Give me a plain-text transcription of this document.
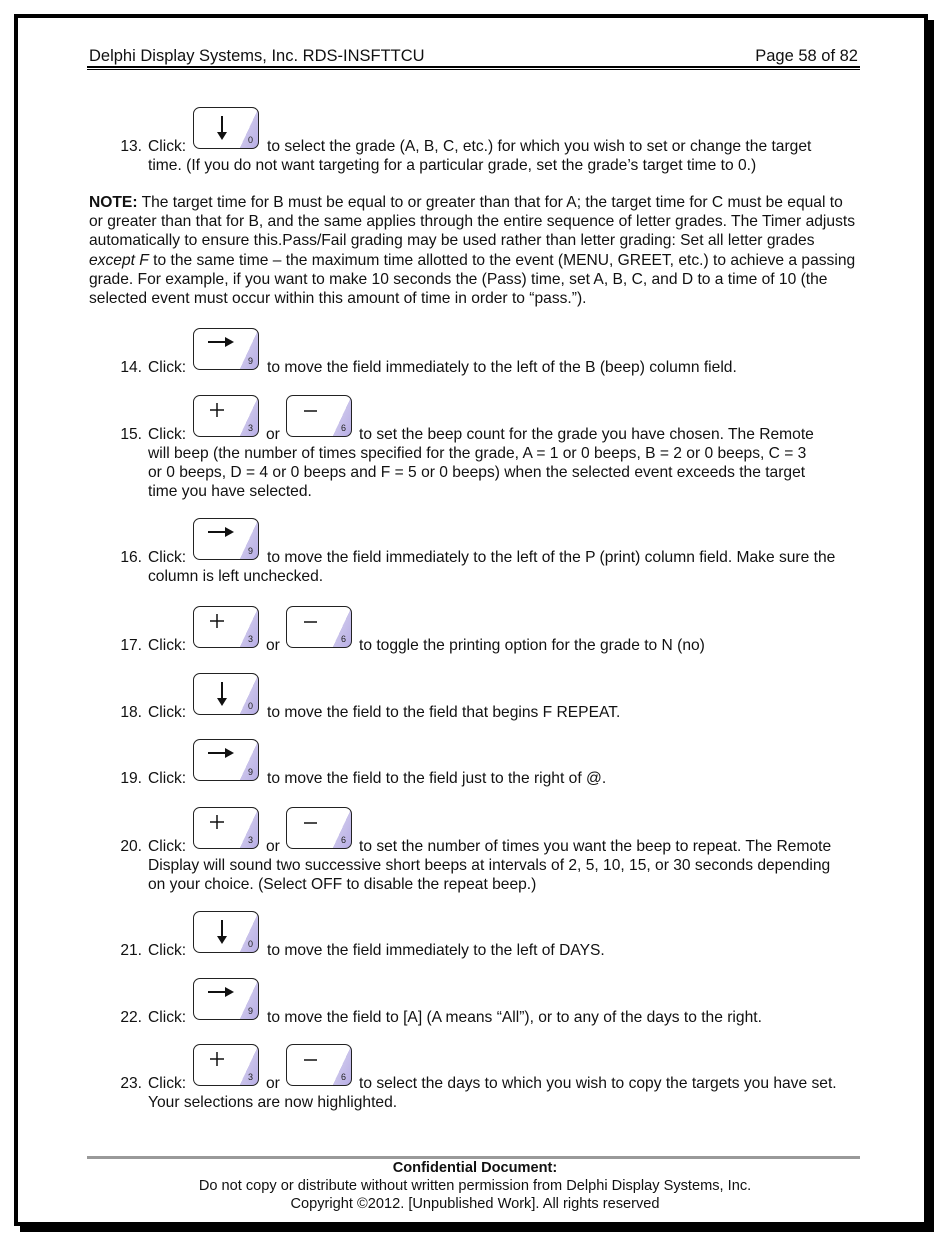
Delphi Display Systems, Inc. RDS-INSFTTCU	Page 58 of 82
13. Click:	0 to select the grade (A, B, C, etc.) for which you wish to set or change the target
time. (If you do not want targeting for a particular grade, set the grade’s target time to 0.)
NOTE: The target time for B must be equal to or greater than that for A; the target time for C must be equal to or greater than that for B, and the same applies through the entire sequence of letter grades. The Timer adjusts automatically to ensure this.Pass/Fail grading may be used rather than letter grading: Set all letter grades except F to the same time – the maximum time allotted to the event (MENU, GREET, etc.) to achieve a passing grade. For example, if you want to make 10 seconds the (Pass) time, set A, B, C, and D to a time of 10 (the selected event must occur within this amount of time in order to “pass.”).
14. Click:	9 to move the field immediately to the left of the B (beep) column field.
15. Click:	3 or	6 to set the beep count for the grade you have chosen. The Remote
will beep (the number of times specified for the grade, A = 1 or 0 beeps, B = 2 or 0 beeps, C = 3
or 0 beeps, D = 4 or 0 beeps and F = 5 or 0 beeps) when the selected event exceeds the target
time you have selected.
16. Click:	9 to move the field immediately to the left of the P (print) column field. Make sure the
column is left unchecked.
17. Click:	3 or	6 to toggle the printing option for the grade to N (no)
18. Click:	0 to move the field to the field that begins F REPEAT.
19. Click:	9 to move the field to the field just to the right of @.
20. Click:	3 or	6 to set the number of times you want the beep to repeat. The Remote
Display will sound two successive short beeps at intervals of 2, 5, 10, 15, or 30 seconds depending
on your choice. (Select OFF to disable the repeat beep.)
21. Click:	0 to move the field immediately to the left of DAYS.
22. Click:	9 to move the field to [A] (A means “All”), or to any of the days to the right.
23. Click:	3 or	6 to select the days to which you wish to copy the targets you have set.
Your selections are now highlighted.
Confidential Document:
Do not copy or distribute without written permission from Delphi Display Systems, Inc.
Copyright ©2012. [Unpublished Work]. All rights reserved
